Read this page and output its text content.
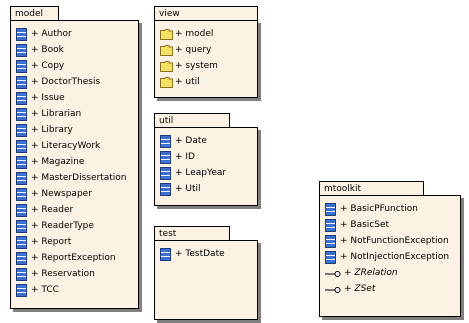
model
+ Author
+ Book
+ Copy
+ DoctorThesis
+ Issue
+ Librarian
+ Library
+ LiteracyWork
+ Magazine
+ MasterDissertation
+ Newspaper
+ Reader
+ ReaderType
+ Report
+ ReportException
+ Reservation
+ TCC
view
+ model
+ query
+ system
+ util
util
+ Date
+ ID
+ LeapYear
+ Util
test
+ TestDate
mtoolkit
+ BasicPFunction
+ BasicSet
+ NotFunctionException
+ NotInjectionException
+ ZRelation
+ ZSet
